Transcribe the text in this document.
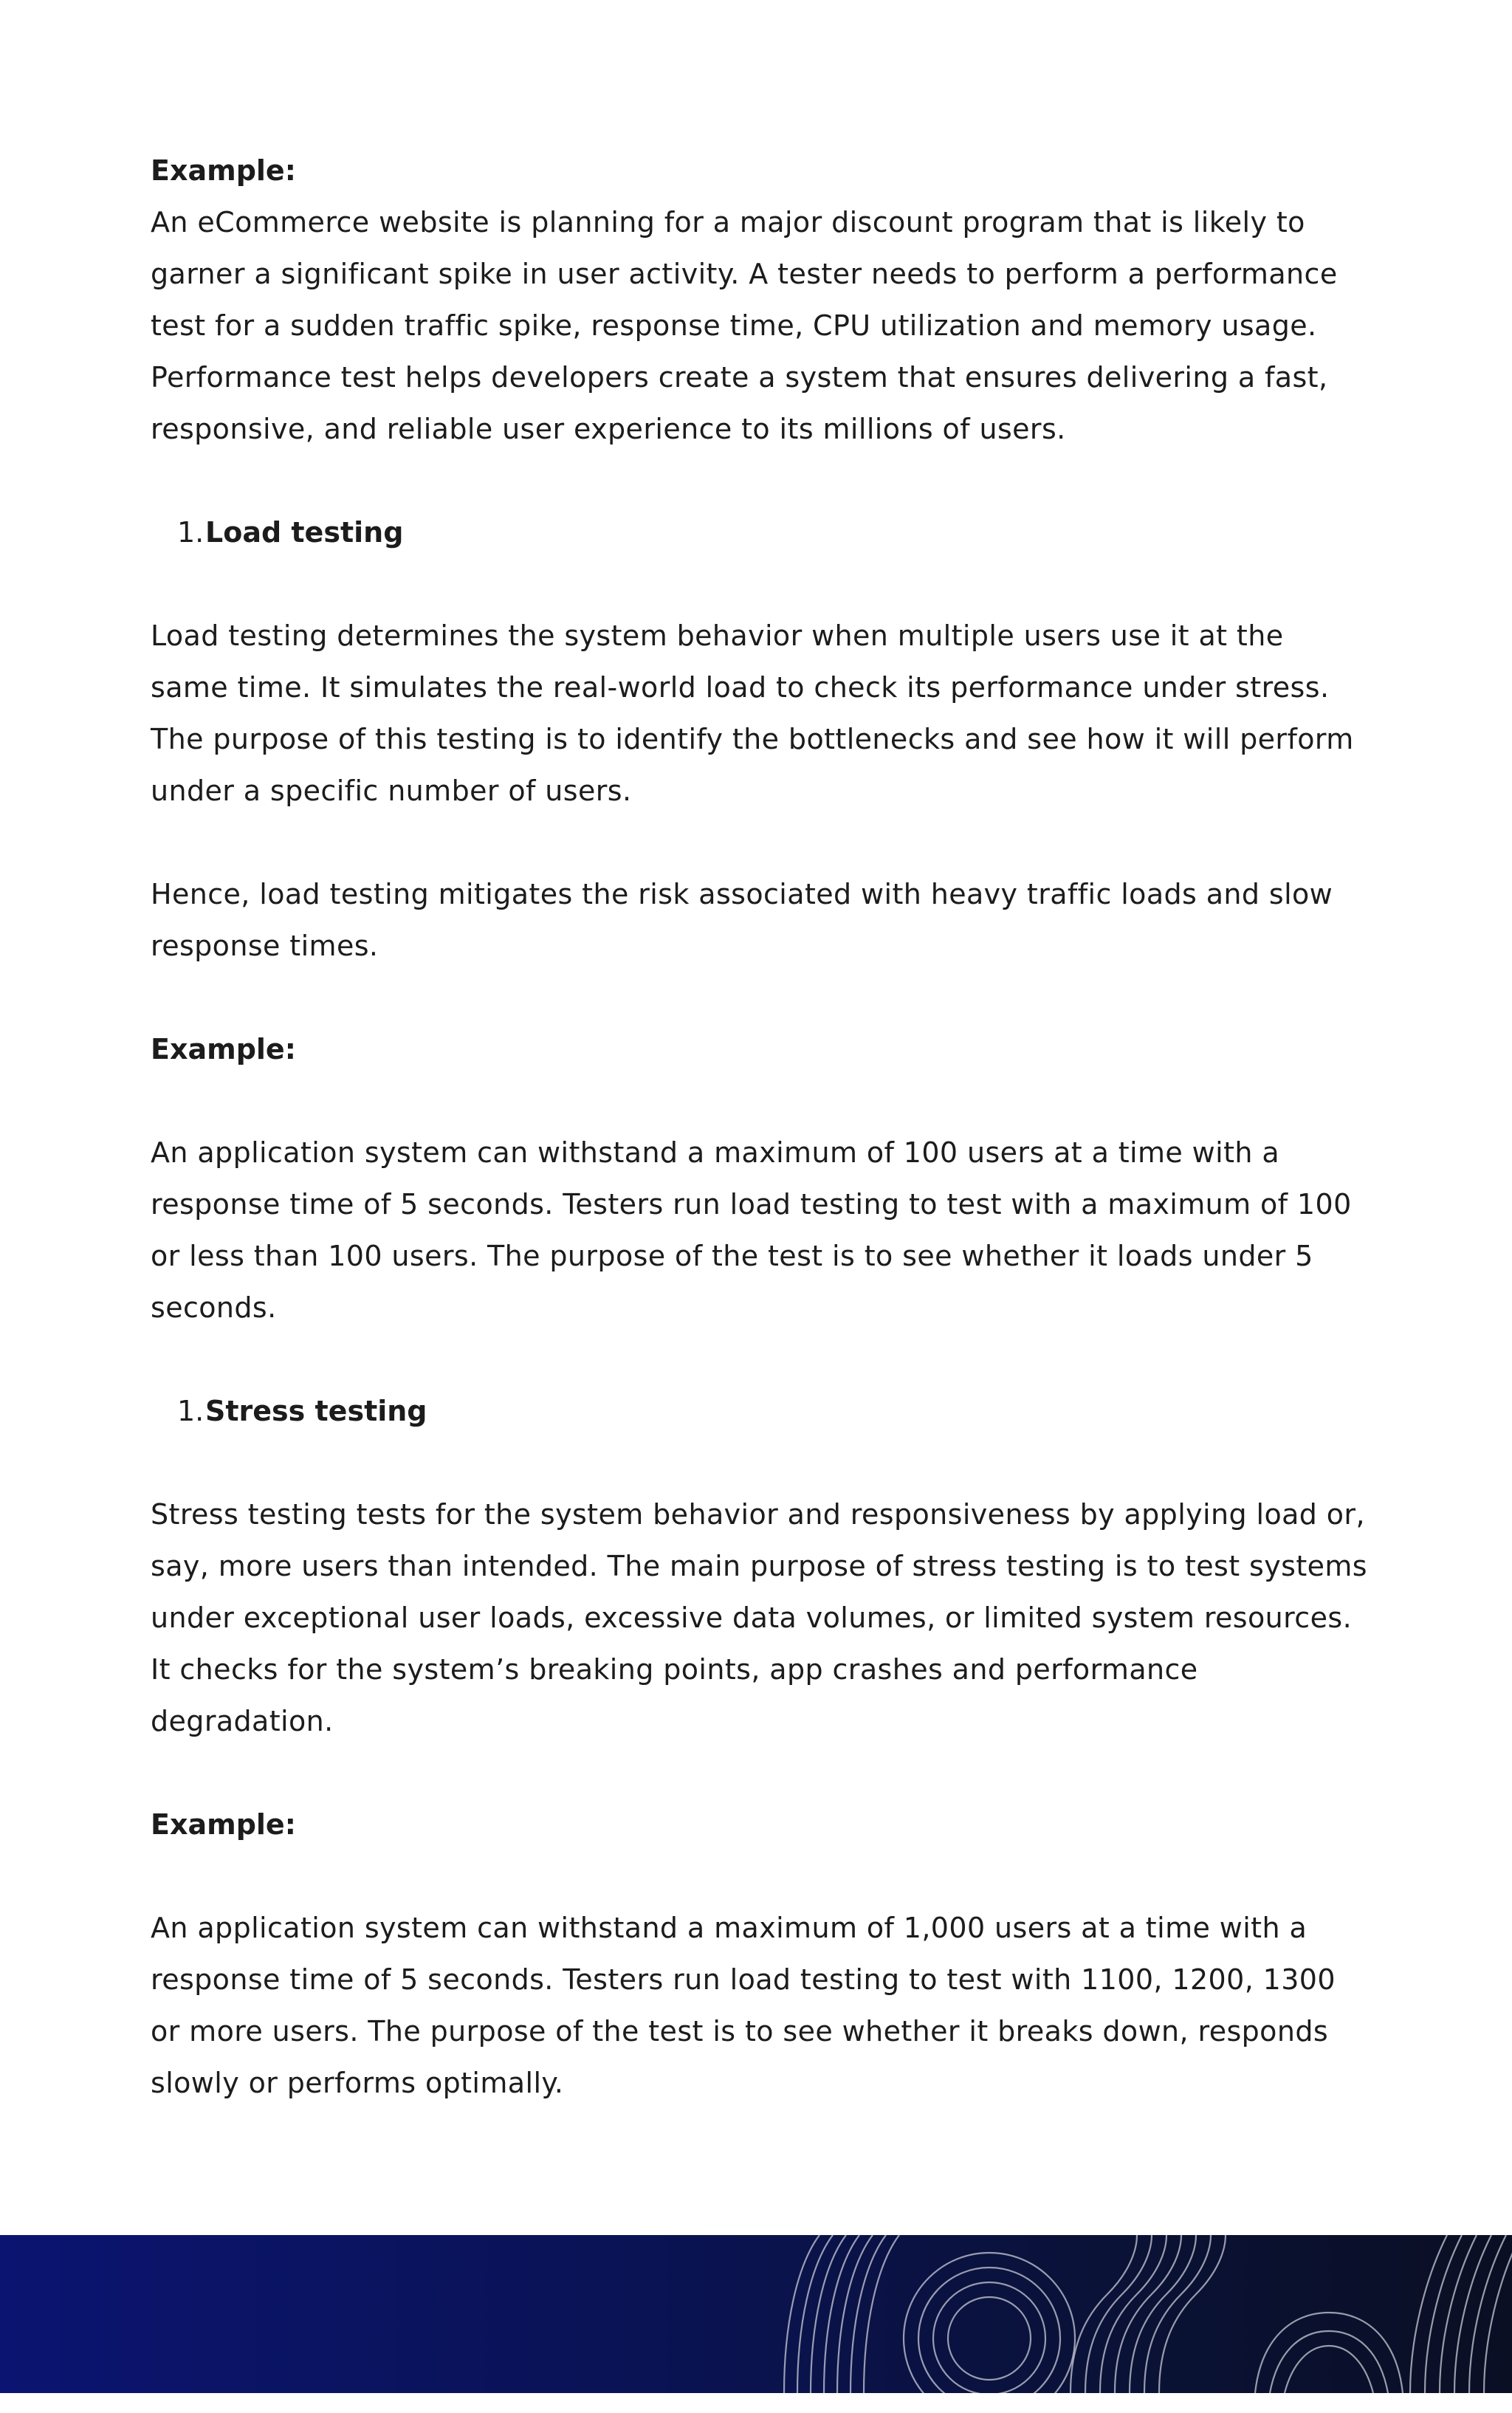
Example:

An eCommerce website is planning for a major discount program that is likely to garner a significant spike in user activity. A tester needs to perform a performance test for a sudden traffic spike, response time, CPU utilization and memory usage. Performance test helps developers create a system that ensures delivering a fast, responsive, and reliable user experience to its millions of users.

1. Load testing

Load testing determines the system behavior when multiple users use it at the same time. It simulates the real-world load to check its performance under stress. The purpose of this testing is to identify the bottlenecks and see how it will perform under a specific number of users.

Hence, load testing mitigates the risk associated with heavy traffic loads and slow response times.

Example:

An application system can withstand a maximum of 100 users at a time with a response time of 5 seconds. Testers run load testing to test with a maximum of 100 or less than 100 users. The purpose of the test is to see whether it loads under 5 seconds.

1. Stress testing

Stress testing tests for the system behavior and responsiveness by applying load or, say, more users than intended. The main purpose of stress testing is to test systems under exceptional user loads, excessive data volumes, or limited system resources.

It checks for the system’s breaking points, app crashes and performance degradation.

Example:

An application system can withstand a maximum of 1,000 users at a time with a response time of 5 seconds. Testers run load testing to test with 1100, 1200, 1300 or more users. The purpose of the test is to see whether it breaks down, responds slowly or performs optimally.
